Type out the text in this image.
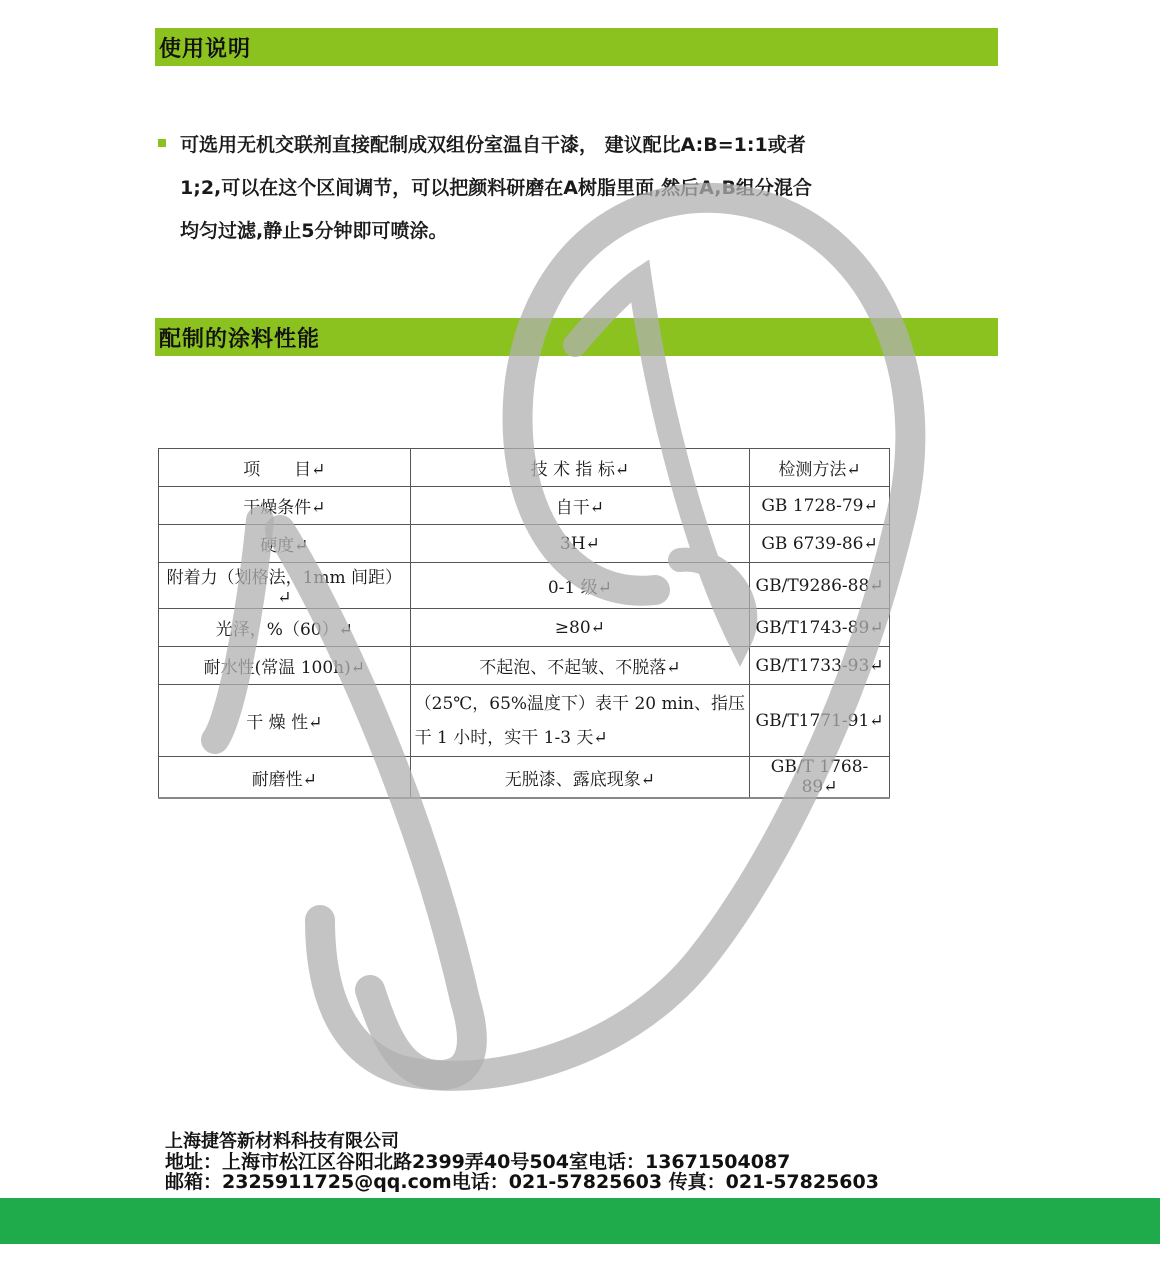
使用说明
可选用无机交联剂直接配制成双组份室温自干漆， 建议配比A:B=1:1或者
1;2,可以在这个区间调节，可以把颜料研磨在A树脂里面,然后A,B组分混合
均匀过滤,静止5分钟即可喷涂。
配制的涂料性能
项　　目↵	技 术 指 标↵	检测方法↵
干燥条件↵	自干↵	GB 1728-79↵
硬度↵	3H↵	GB 6739-86↵
附着力（划格法，1mm 间距）↵	0-1 级↵	GB/T9286-88↵
光泽，%（60）↵	≥80↵	GB/T1743-89↵
耐水性(常温 100h)↵	不起泡、不起皱、不脱落↵	GB/T1733-93↵
干 燥 性↵	（25℃，65%温度下）表干 20 min、指压干 1 小时，实干 1-3 天↵	GB/T1771-91↵
耐磨性↵	无脱漆、露底现象↵	GB/T 1768-89↵
上海捷答新材料科技有限公司
地址：上海市松江区谷阳北路2399弄40号504室电话：13671504087
邮箱：2325911725@qq.com电话：021-57825603 传真：021-57825603
